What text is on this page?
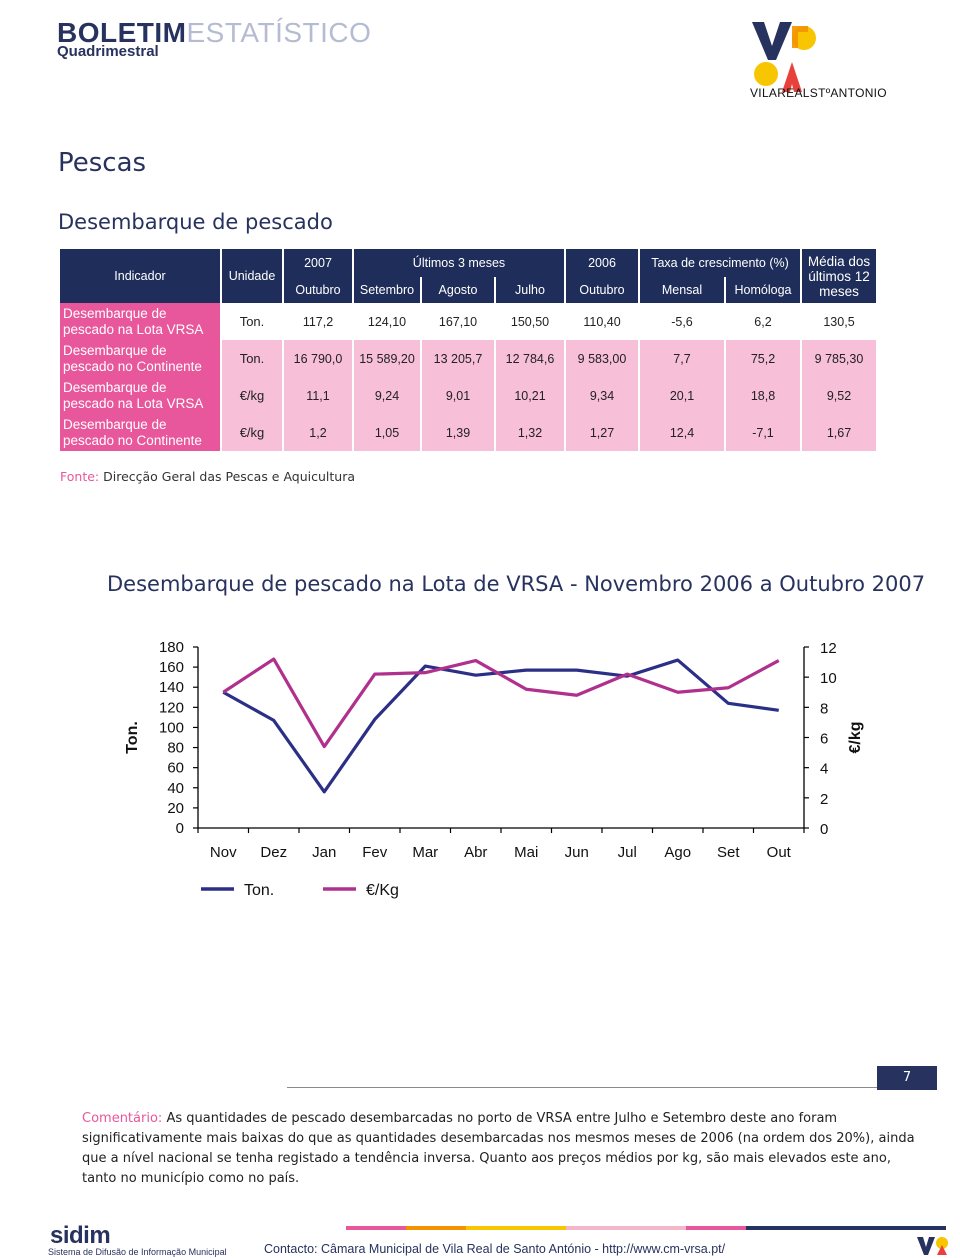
BOLETIMESTATÍSTICO
Quadrimestral
VILAREALSTºANTONIO
Pescas
Desembarque de pescado
Indicador	Unidade	2007	Últimos 3 meses			2006	Taxa de crescimento (%)		Média dos últimos 12 meses
		Outubro	Setembro	Agosto	Julho	Outubro	Mensal	Homóloga	
Desembarque de pescado na Lota VRSA	Ton.	117,2	124,10	167,10	150,50	110,40	-5,6	6,2	130,5
Desembarque de pescado no Continente	Ton.	16 790,0	15 589,20	13 205,7	12 784,6	9 583,00	7,7	75,2	9 785,30
Desembarque de pescado na Lota VRSA	€/kg	11,1	9,24	9,01	10,21	9,34	20,1	18,8	9,52
Desembarque de pescado no Continente	€/kg	1,2	1,05	1,39	1,32	1,27	12,4	-7,1	1,67
Fonte: Direcção Geral das Pescas e Aquicultura
Desembarque de pescado na Lota de VRSA - Novembro 2006 a Outubro 2007
0
20
40
60
80
100
120
140
160
180
0
2
4
6
8
10
12
Nov Dez Jan Fev Mar Abr Mai Jun Jul Ago Set Out
Ton.	€/kg
Ton.	€/Kg
7
Comentário: As quantidades de pescado desembarcadas no porto de VRSA entre Julho e Setembro deste ano foram significativamente mais baixas do que as quantidades desembarcadas nos mesmos meses de 2006 (na ordem dos 20%), ainda que a nível nacional se tenha registado a tendência inversa. Quanto aos preços médios por kg, são mais elevados este ano, tanto no município como no país.
sidim
Sistema de Difusão de Informação Municipal	Contacto: Câmara Municipal de Vila Real de Santo António - http://www.cm-vrsa.pt/
